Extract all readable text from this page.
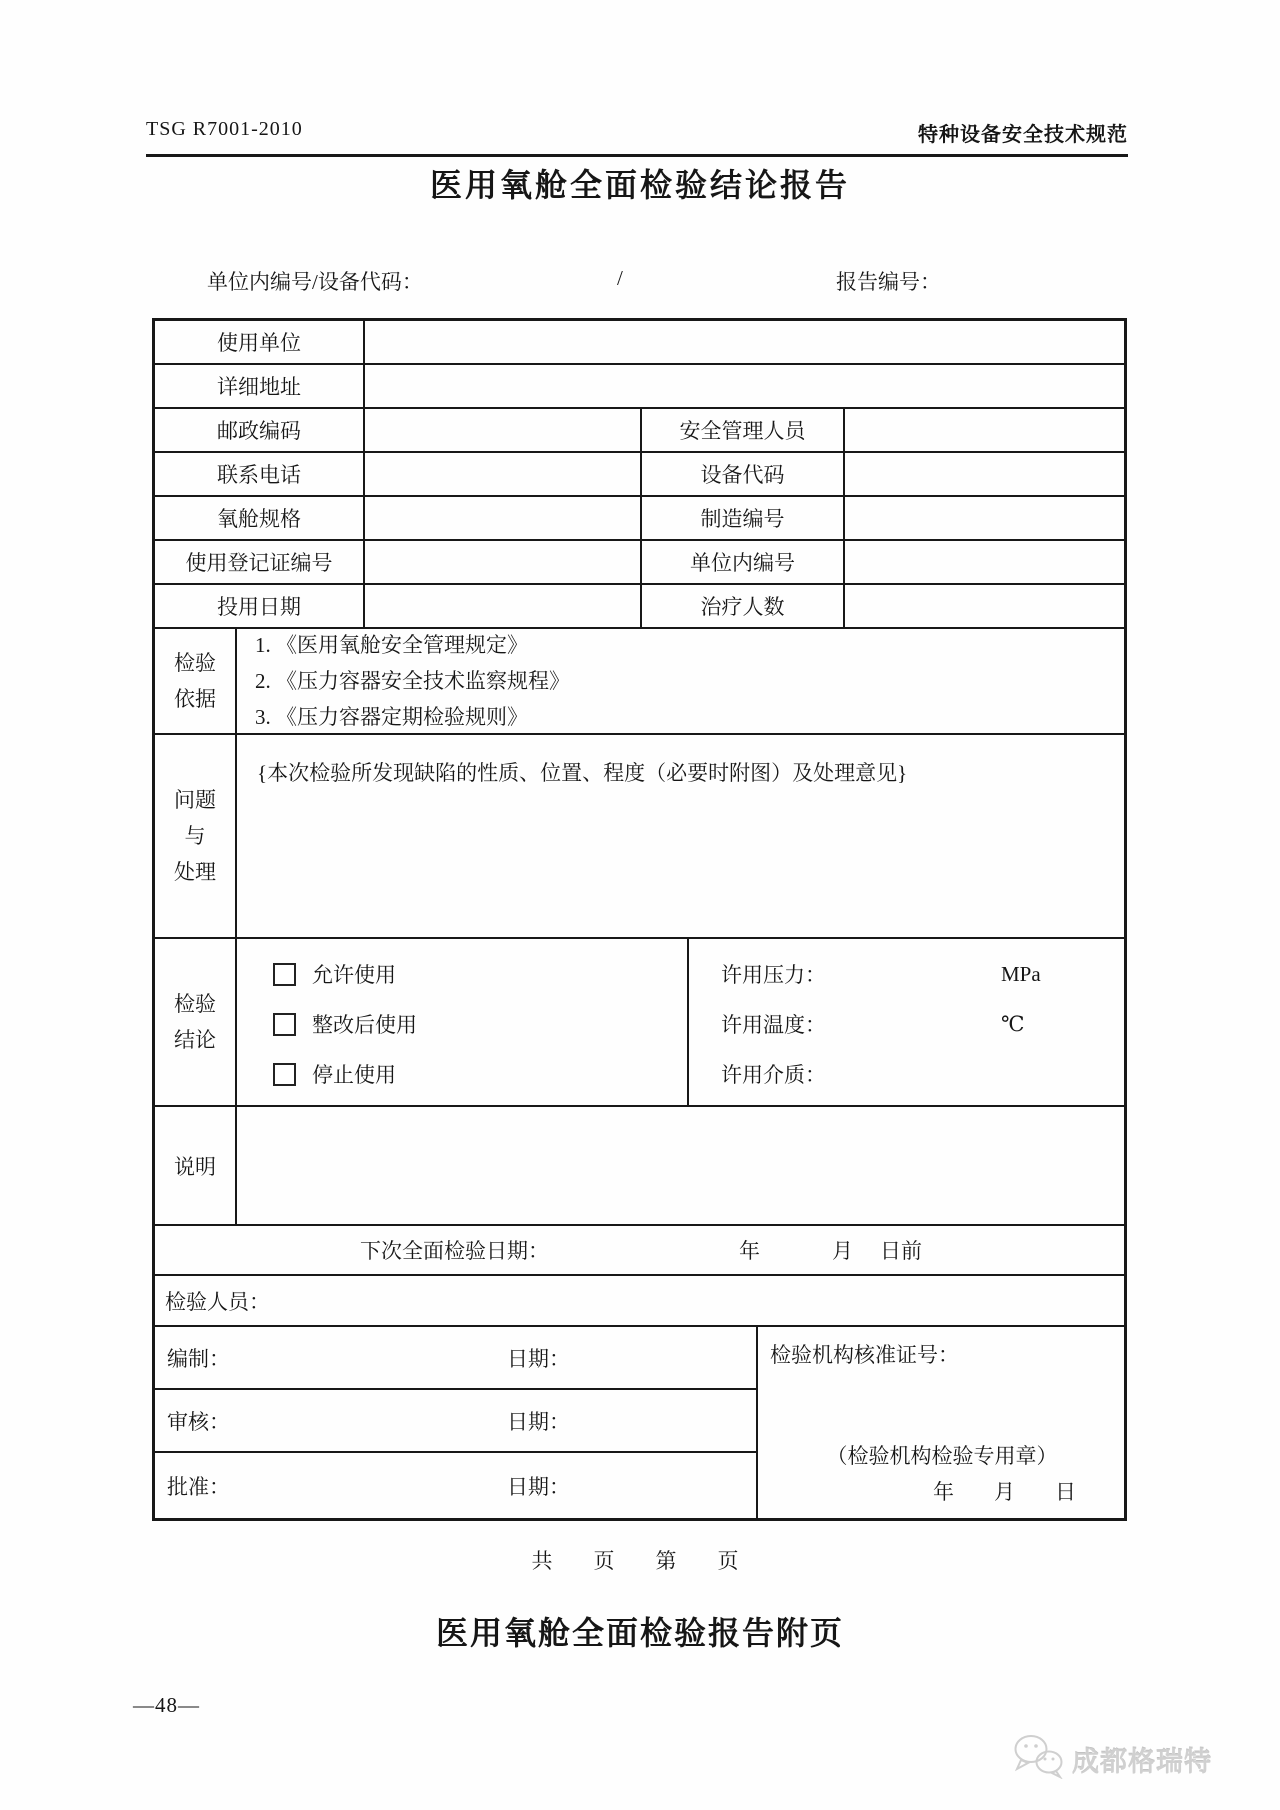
TSG R7001-2010	特种设备安全技术规范
医用氧舱全面检验结论报告
单位内编号/设备代码：	/	报告编号：
使用单位
详细地址
邮政编码	安全管理人员
联系电话	设备代码
氧舱规格	制造编号
使用登记证编号	单位内编号
投用日期	治疗人数
检验
依据
1. 《医用氧舱安全管理规定》
2. 《压力容器安全技术监察规程》
3. 《压力容器定期检验规则》
问题
与
处理
{本次检验所发现缺陷的性质、位置、程度（必要时附图）及处理意见}
检验
结论
允许使用
整改后使用
停止使用
许用压力：	MPa
许用温度：	℃
许用介质：
说明
下次全面检验日期：	年	月 日前
检验人员：
编制：	日期：
审核：	日期：
批准：	日期：
检验机构核准证号：
（检验机构检验专用章）
年 月 日
共　页　第　页
医用氧舱全面检验报告附页
—48—
成都格瑞特
